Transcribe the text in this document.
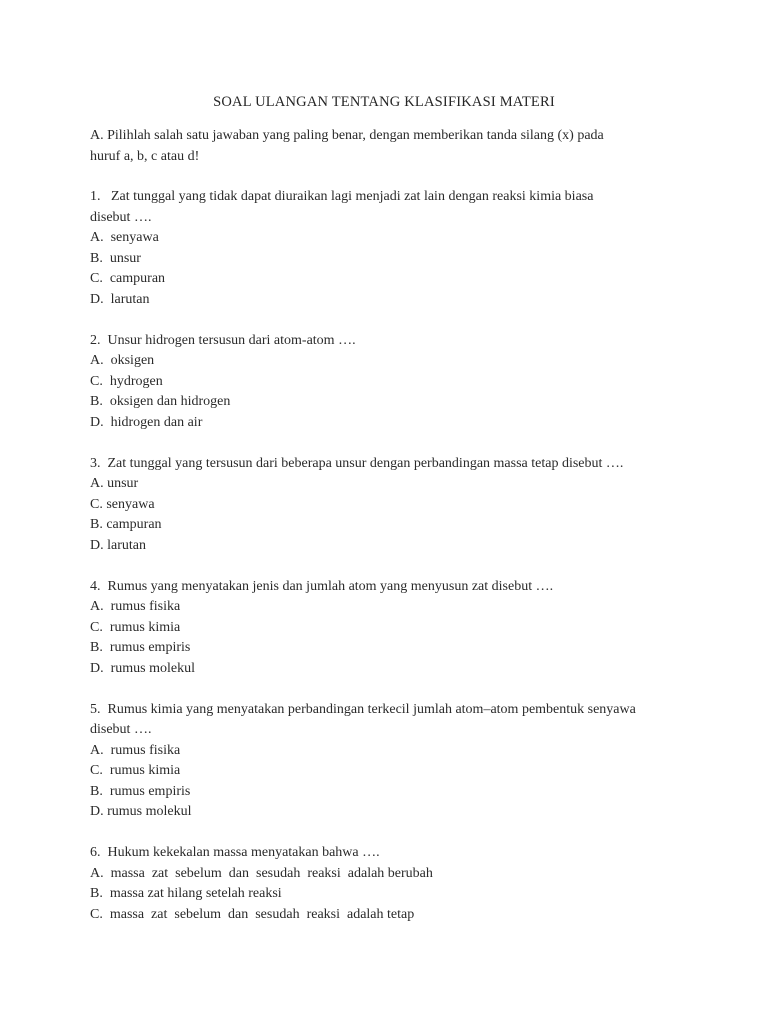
SOAL ULANGAN TENTANG KLASIFIKASI MATERI
A. Pilihlah salah satu jawaban yang paling benar, dengan memberikan tanda silang (x) pada
huruf a, b, c atau d!
1.   Zat tunggal yang tidak dapat diuraikan lagi menjadi zat lain dengan reaksi kimia biasa
disebut ….
A.  senyawa
B.  unsur
C.  campuran
D.  larutan
2.  Unsur hidrogen tersusun dari atom-atom ….
A.  oksigen
C.  hydrogen
B.  oksigen dan hidrogen
D.  hidrogen dan air
3.  Zat tunggal yang tersusun dari beberapa unsur dengan perbandingan massa tetap disebut ….
A. unsur
C. senyawa
B. campuran
D. larutan
4.  Rumus yang menyatakan jenis dan jumlah atom yang menyusun zat disebut ….
A.  rumus fisika
C.  rumus kimia
B.  rumus empiris
D.  rumus molekul
5.  Rumus kimia yang menyatakan perbandingan terkecil jumlah atom–atom pembentuk senyawa
disebut ….
A.  rumus fisika
C.  rumus kimia
B.  rumus empiris
D. rumus molekul
6.  Hukum kekekalan massa menyatakan bahwa ….
A.  massa  zat  sebelum  dan  sesudah  reaksi  adalah berubah
B.  massa zat hilang setelah reaksi
C.  massa  zat  sebelum  dan  sesudah  reaksi  adalah tetap
